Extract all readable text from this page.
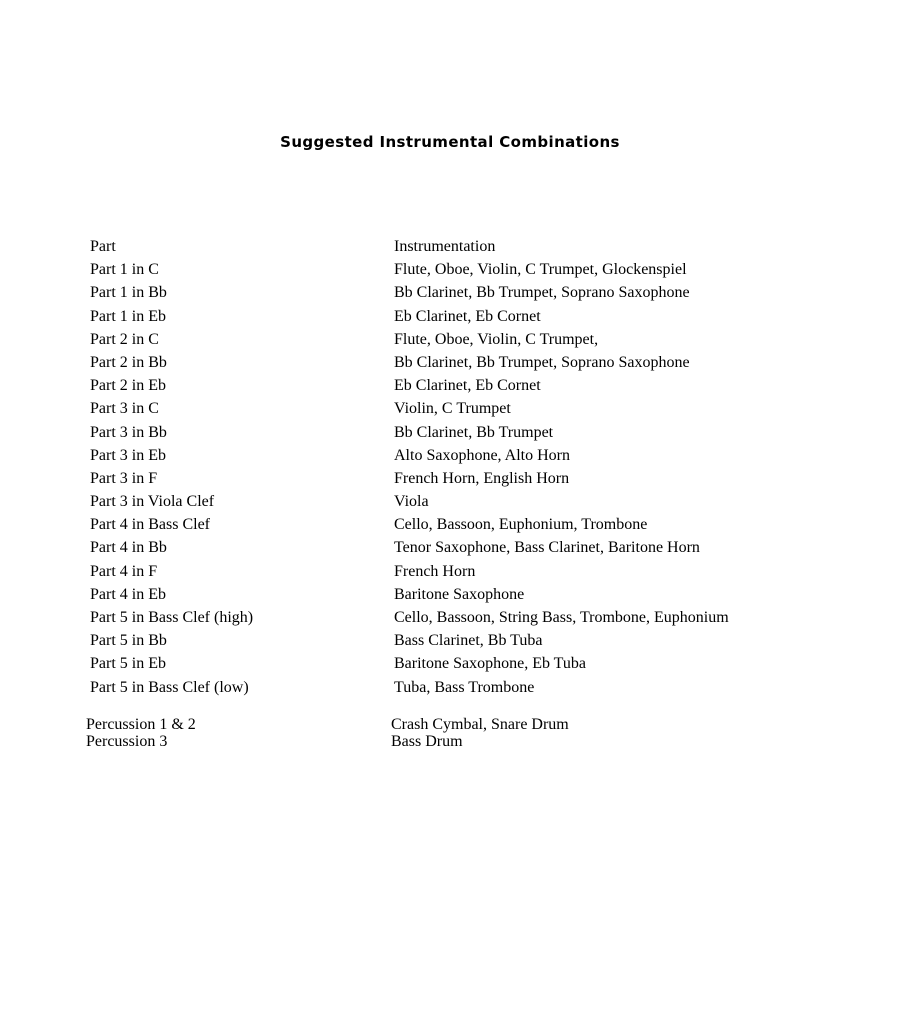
Suggested Instrumental Combinations
Part	Instrumentation
Part 1 in C	Flute, Oboe, Violin, C Trumpet, Glockenspiel
Part 1 in Bb	Bb Clarinet, Bb Trumpet, Soprano Saxophone
Part 1 in Eb	Eb Clarinet, Eb Cornet
Part 2 in C	Flute, Oboe, Violin, C Trumpet,
Part 2 in Bb	Bb Clarinet, Bb Trumpet, Soprano Saxophone
Part 2 in Eb	Eb Clarinet, Eb Cornet
Part 3 in C	Violin, C Trumpet
Part 3 in Bb	Bb Clarinet, Bb Trumpet
Part 3 in Eb	Alto Saxophone, Alto Horn
Part 3 in F	French Horn, English Horn
Part 3 in Viola Clef	Viola
Part 4 in Bass Clef	Cello, Bassoon, Euphonium, Trombone
Part 4 in Bb	Tenor Saxophone, Bass Clarinet, Baritone Horn
Part 4 in F	French Horn
Part 4 in Eb	Baritone Saxophone
Part 5 in Bass Clef (high)	Cello, Bassoon, String Bass, Trombone, Euphonium
Part 5 in Bb	Bass Clarinet, Bb Tuba
Part 5 in Eb	Baritone Saxophone, Eb Tuba
Part 5 in Bass Clef (low)	Tuba, Bass Trombone
Percussion 1 & 2	Crash Cymbal, Snare Drum
Percussion 3	Bass Drum
